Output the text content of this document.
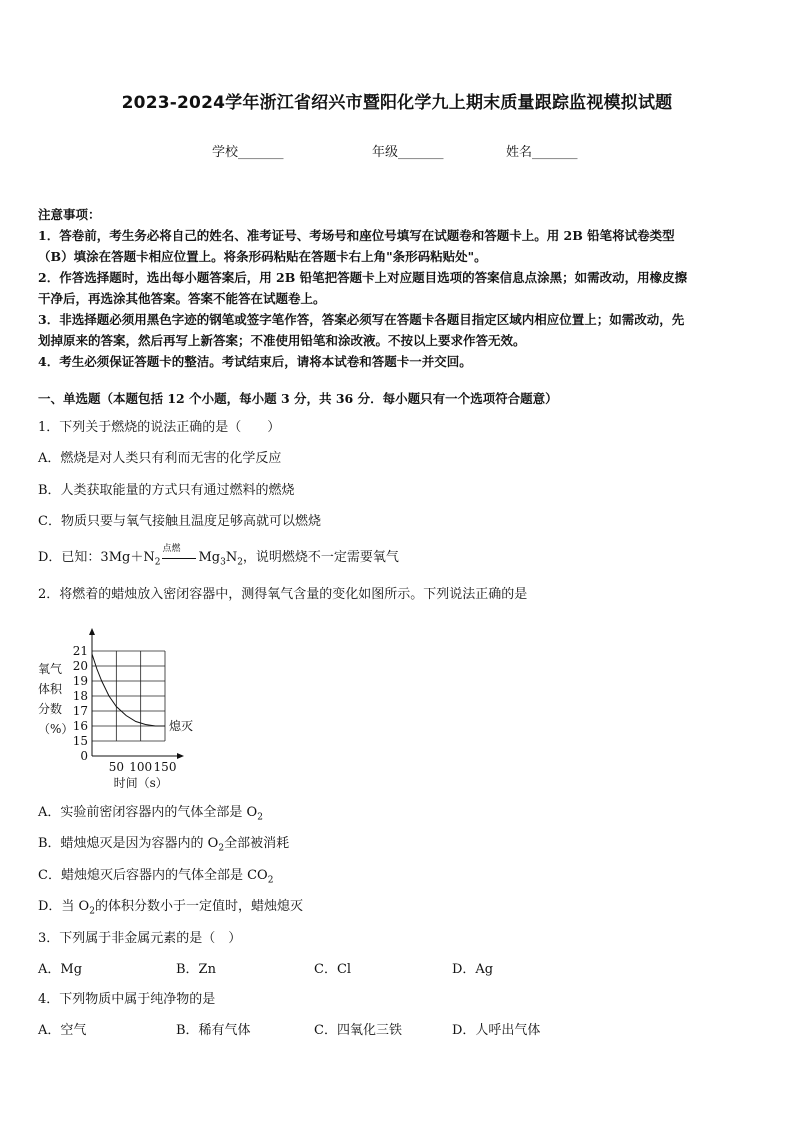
2023-2024学年浙江省绍兴市暨阳化学九上期末质量跟踪监视模拟试题
学校_______	年级_______	姓名_______
注意事项：
1．答卷前，考生务必将自己的姓名、准考证号、考场号和座位号填写在试题卷和答题卡上。用 2B 铅笔将试卷类型
（B）填涂在答题卡相应位置上。将条形码粘贴在答题卡右上角"条形码粘贴处"。
2．作答选择题时，选出每小题答案后，用 2B 铅笔把答题卡上对应题目选项的答案信息点涂黑；如需改动，用橡皮擦
干净后，再选涂其他答案。答案不能答在试题卷上。
3．非选择题必须用黑色字迹的钢笔或签字笔作答，答案必须写在答题卡各题目指定区域内相应位置上；如需改动，先
划掉原来的答案，然后再写上新答案；不准使用铅笔和涂改液。不按以上要求作答无效。
4．考生必须保证答题卡的整洁。考试结束后，请将本试卷和答题卡一并交回。
一、单选题（本题包括 12 个小题，每小题 3 分，共 36 分．每小题只有一个选项符合题意）
1．下列关于燃烧的说法正确的是（　　）
A．燃烧是对人类只有利而无害的化学反应
B．人类获取能量的方式只有通过燃料的燃烧
C．物质只要与氧气接触且温度足够高就可以燃烧
D．已知：$3Mg+N_2$
点燃
$Mg_3N_2$，说明燃烧不一定需要氧气
2．将燃着的蜡烛放入密闭容器中，测得氧气含量的变化如图所示。下列说法正确的是
0
15
16
17
18
19
20
21
50 100 150
氧气
体积
分数
（%）
时间（s）
熄灭
A．实验前密闭容器内的气体全部是 $O_2$
B．蜡烛熄灭是因为容器内的 $O_2$全部被消耗
C．蜡烛熄灭后容器内的气体全部是 $CO_2$
D．当 $O_2$的体积分数小于一定值时，蜡烛熄灭
3．下列属于非金属元素的是（　）
A．Mg	B．Zn	C．Cl	D．Ag
4．下列物质中属于纯净物的是
A．空气	B．稀有气体	C．四氧化三铁	D．人呼出气体
